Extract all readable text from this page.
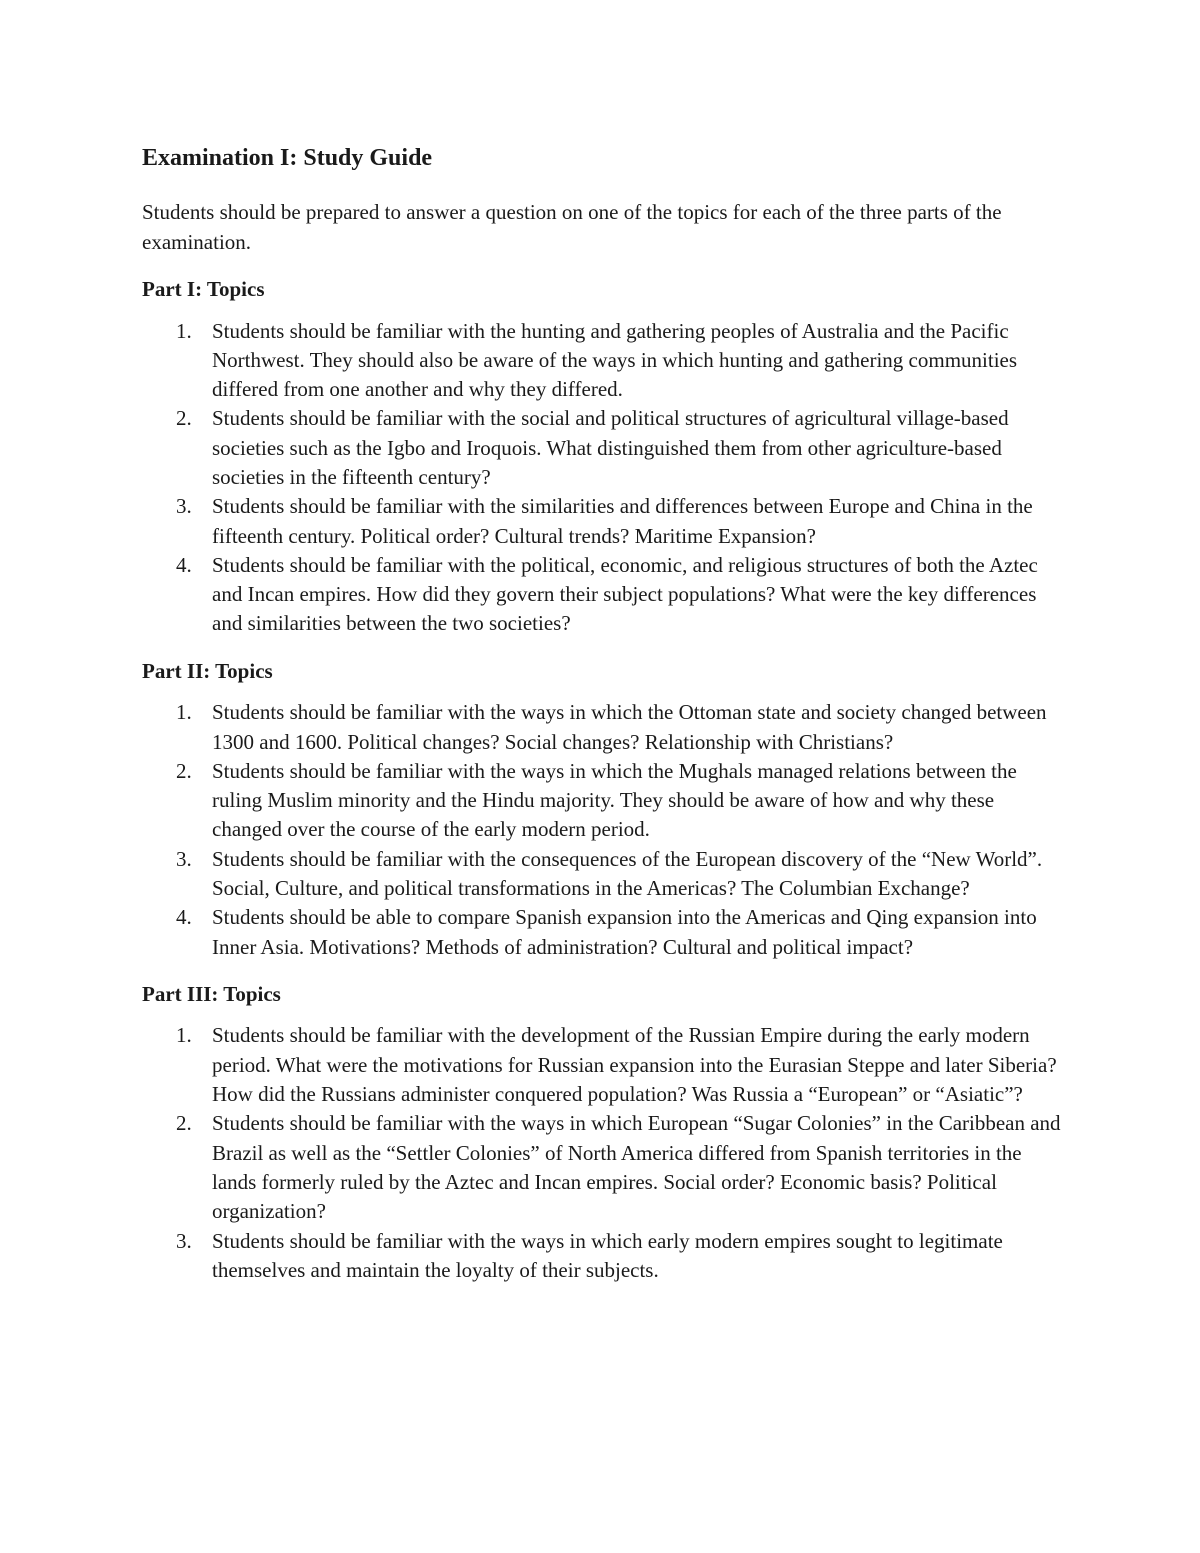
Examination I: Study Guide

Students should be prepared to answer a question on one of the topics for each of the three parts of the examination.

Part I: Topics
1. Students should be familiar with the hunting and gathering peoples of Australia and the Pacific Northwest. They should also be aware of the ways in which hunting and gathering communities differed from one another and why they differed.
2. Students should be familiar with the social and political structures of agricultural village-based societies such as the Igbo and Iroquois. What distinguished them from other agriculture-based societies in the fifteenth century?
3. Students should be familiar with the similarities and differences between Europe and China in the fifteenth century. Political order? Cultural trends? Maritime Expansion?
4. Students should be familiar with the political, economic, and religious structures of both the Aztec and Incan empires. How did they govern their subject populations? What were the key differences and similarities between the two societies?
Part II: Topics
1. Students should be familiar with the ways in which the Ottoman state and society changed between 1300 and 1600. Political changes? Social changes? Relationship with Christians?
2. Students should be familiar with the ways in which the Mughals managed relations between the ruling Muslim minority and the Hindu majority. They should be aware of how and why these changed over the course of the early modern period.
3. Students should be familiar with the consequences of the European discovery of the “New World”. Social, Culture, and political transformations in the Americas? The Columbian Exchange?
4. Students should be able to compare Spanish expansion into the Americas and Qing expansion into Inner Asia. Motivations? Methods of administration? Cultural and political impact?
Part III: Topics
1. Students should be familiar with the development of the Russian Empire during the early modern period. What were the motivations for Russian expansion into the Eurasian Steppe and later Siberia? How did the Russians administer conquered population? Was Russia a “European” or “Asiatic”?
2. Students should be familiar with the ways in which European “Sugar Colonies” in the Caribbean and Brazil as well as the “Settler Colonies” of North America differed from Spanish territories in the lands formerly ruled by the Aztec and Incan empires. Social order? Economic basis? Political organization?
3. Students should be familiar with the ways in which early modern empires sought to legitimate themselves and maintain the loyalty of their subjects.
